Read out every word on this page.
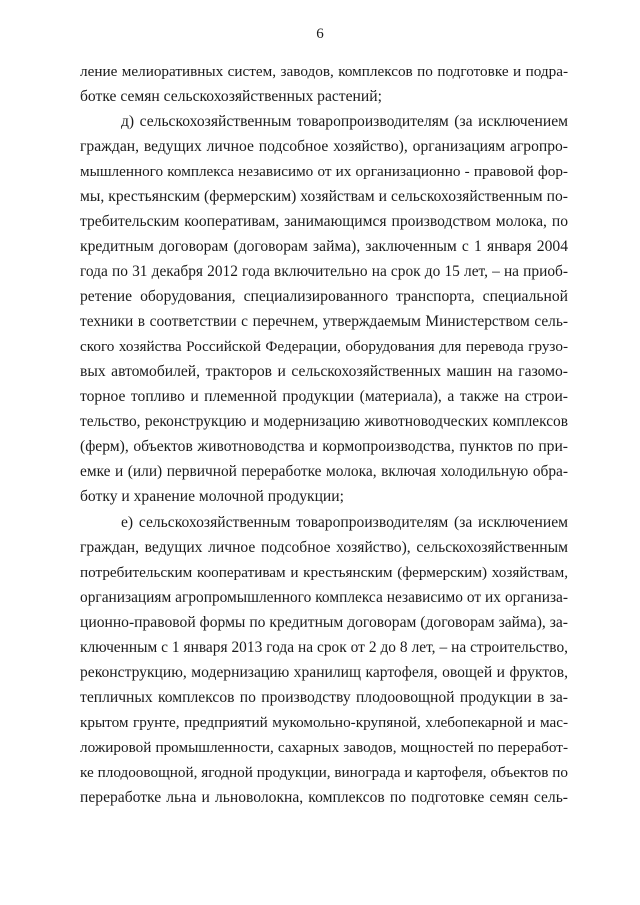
6
ление мелиоративных систем, заводов, комплексов по подготовке и подра-
ботке семян сельскохозяйственных растений;
д) сельскохозяйственным товаропроизводителям (за исключением
граждан, ведущих личное подсобное хозяйство), организациям агропро-
мышленного комплекса независимо от их организационно - правовой фор-
мы, крестьянским (фермерским) хозяйствам и сельскохозяйственным по-
требительским кооперативам, занимающимся производством молока, по
кредитным договорам (договорам займа), заключенным с 1 января 2004
года по 31 декабря 2012 года включительно на срок до 15 лет, – на приоб-
ретение оборудования, специализированного транспорта, специальной
техники в соответствии с перечнем, утверждаемым Министерством сель-
ского хозяйства Российской Федерации, оборудования для перевода грузо-
вых автомобилей, тракторов и сельскохозяйственных машин на газомо-
торное топливо и племенной продукции (материала), а также на строи-
тельство, реконструкцию и модернизацию животноводческих комплексов
(ферм), объектов животноводства и кормопроизводства, пунктов по при-
емке и (или) первичной переработке молока, включая холодильную обра-
ботку и хранение молочной продукции;
е) сельскохозяйственным товаропроизводителям (за исключением
граждан, ведущих личное подсобное хозяйство), сельскохозяйственным
потребительским кооперативам и крестьянским (фермерским) хозяйствам,
организациям агропромышленного комплекса независимо от их организа-
ционно-правовой формы по кредитным договорам (договорам займа), за-
ключенным с 1 января 2013 года на срок от 2 до 8 лет, – на строительство,
реконструкцию, модернизацию хранилищ картофеля, овощей и фруктов,
тепличных комплексов по производству плодоовощной продукции в за-
крытом грунте, предприятий мукомольно-крупяной, хлебопекарной и мас-
ложировой промышленности, сахарных заводов, мощностей по переработ-
ке плодоовощной, ягодной продукции, винограда и картофеля, объектов по
переработке льна и льноволокна, комплексов по подготовке семян сель-
